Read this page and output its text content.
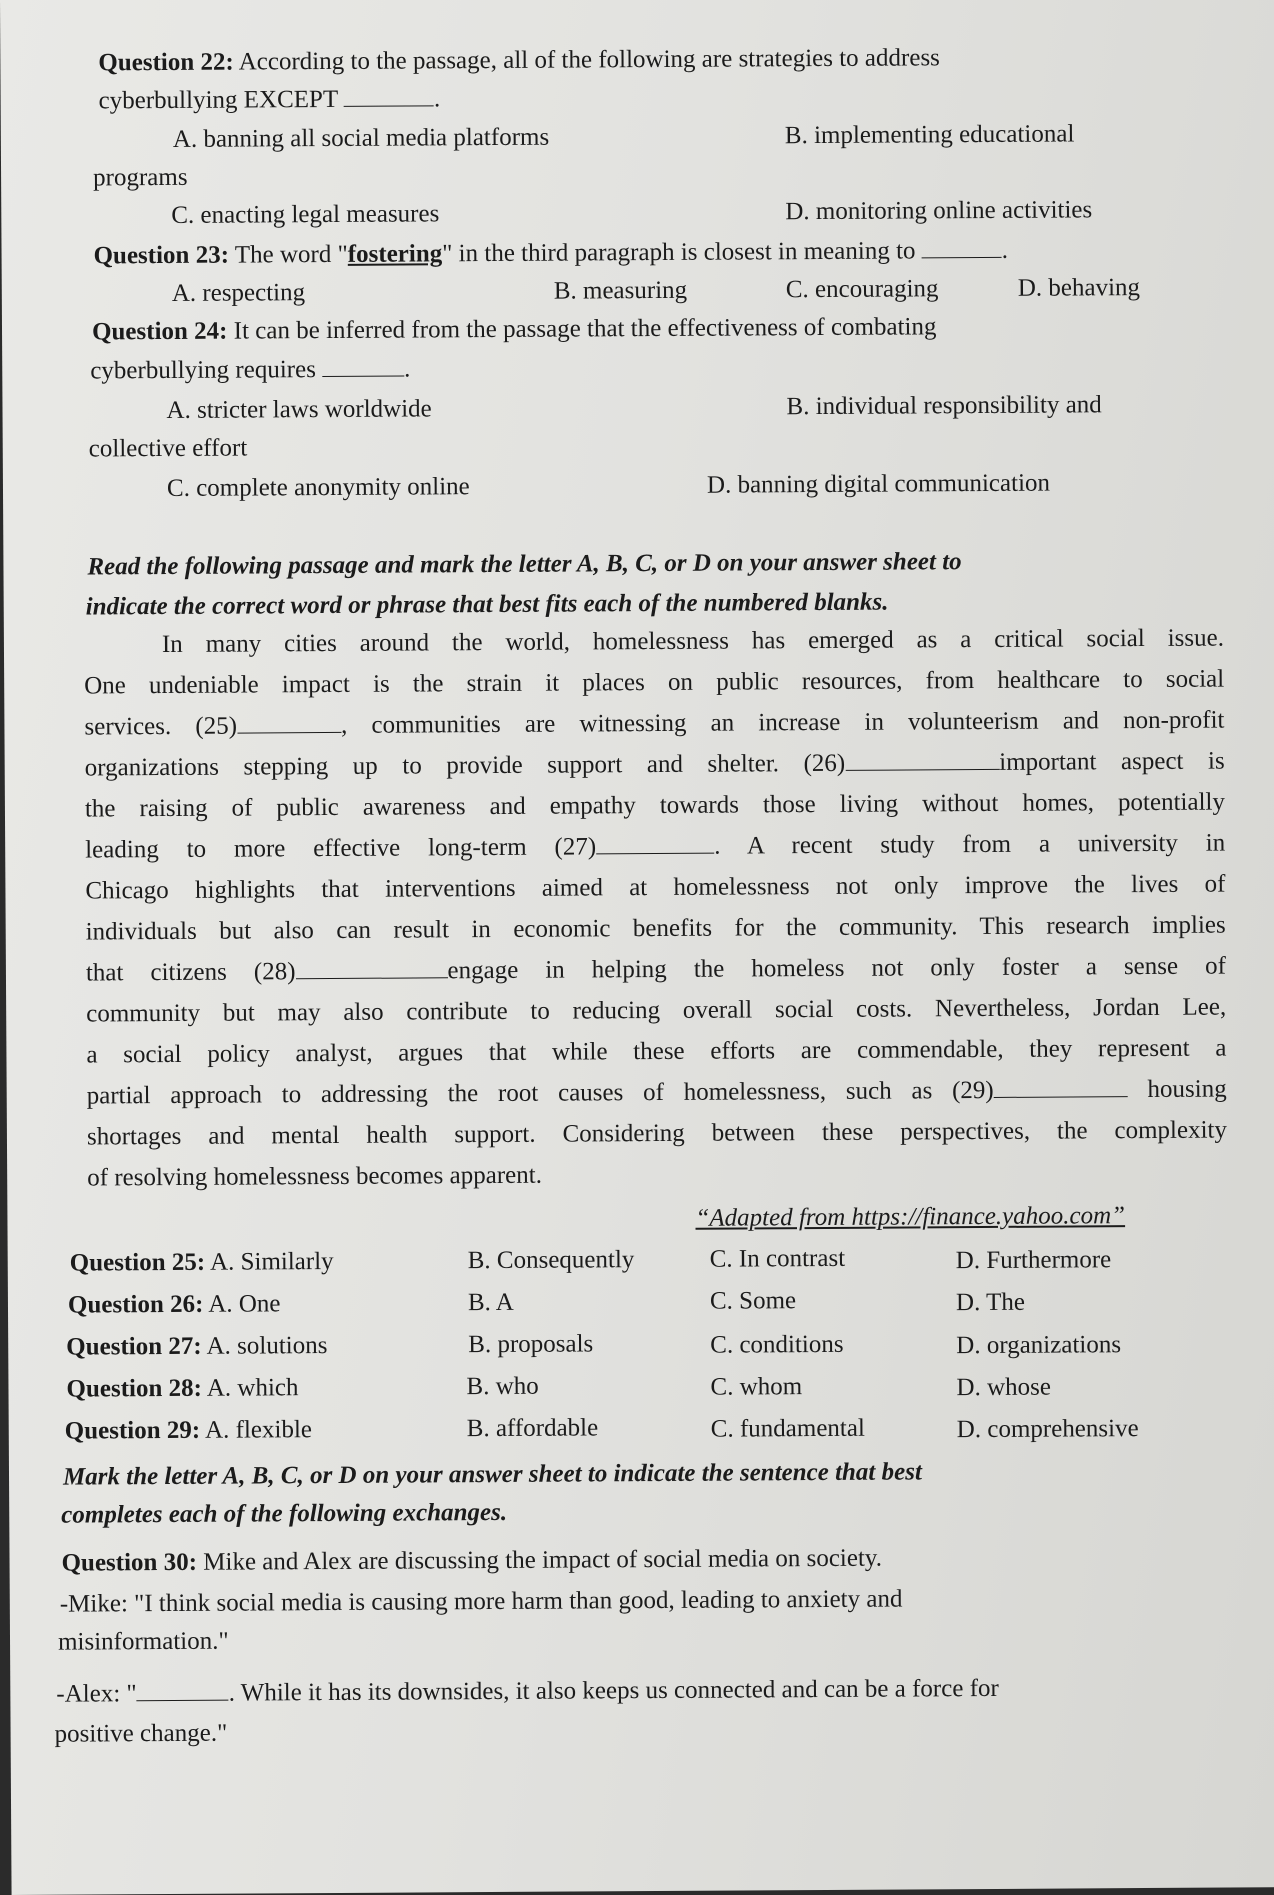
Question 22: According to the passage, all of the following are strategies to address
cyberbullying EXCEPT	.
A. banning all social media platforms	B. implementing educational
programs
C. enacting legal measures	D. monitoring online activities
Question 23: The word "fostering" in the third paragraph is closest in meaning to	.
A. respecting	B. measuring	C. encouraging	D. behaving
Question 24: It can be inferred from the passage that the effectiveness of combating
cyberbullying requires	.
A. stricter laws worldwide	B. individual responsibility and
collective effort
C. complete anonymity online	D. banning digital communication
Read the following passage and mark the letter A, B, C, or D on your answer sheet to
indicate the correct word or phrase that best fits each of the numbered blanks.
In many cities around the world, homelessness has emerged as a critical social issue.
One undeniable impact is the strain it places on public resources, from healthcare to social
services. (25)	, communities are witnessing an increase in volunteerism and non-profit
organizations stepping up to provide support and shelter. (26)	important aspect is
the raising of public awareness and empathy towards those living without homes, potentially
leading to more effective long-term (27)	. A recent study from a university in
Chicago highlights that interventions aimed at homelessness not only improve the lives of
individuals but also can result in economic benefits for the community. This research implies
that citizens (28)	engage in helping the homeless not only foster a sense of
community but may also contribute to reducing overall social costs. Nevertheless, Jordan Lee,
a social policy analyst, argues that while these efforts are commendable, they represent a
partial approach to addressing the root causes of homelessness, such as (29)	housing
shortages and mental health support. Considering between these perspectives, the complexity
of resolving homelessness becomes apparent.
“Adapted from https://finance.yahoo.com”
Question 25: A. Similarly	B. Consequently	C. In contrast	D. Furthermore
Question 26: A. One	B. A	C. Some	D. The
Question 27: A. solutions	B. proposals	C. conditions	D. organizations
Question 28: A. which	B. who	C. whom	D. whose
Question 29: A. flexible	B. affordable	C. fundamental	D. comprehensive
Mark the letter A, B, C, or D on your answer sheet to indicate the sentence that best
completes each of the following exchanges.
Question 30: Mike and Alex are discussing the impact of social media on society.
-Mike: "I think social media is causing more harm than good, leading to anxiety and
misinformation."
-Alex: "	. While it has its downsides, it also keeps us connected and can be a force for
positive change."
